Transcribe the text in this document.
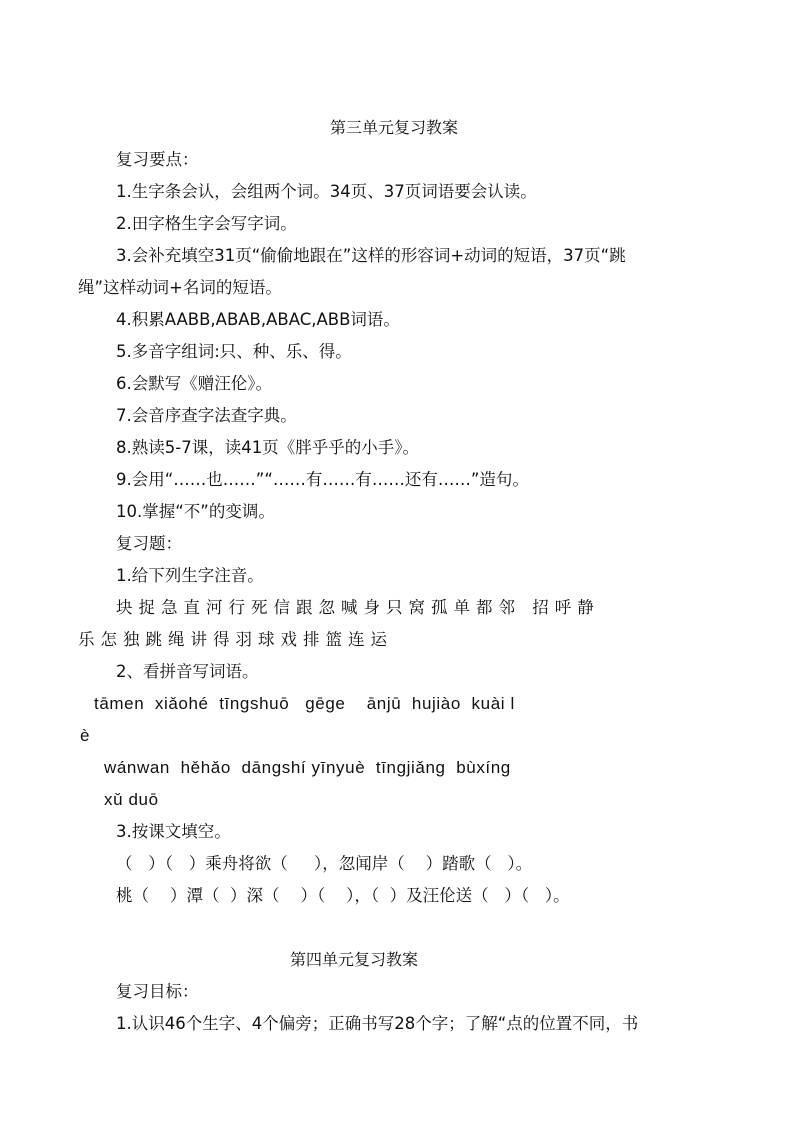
第三单元复习教案
复习要点：
1.生字条会认，会组两个词。34页、37页词语要会认读。
2.田字格生字会写字词。
3.会补充填空31页“偷偷地跟在”这样的形容词+动词的短语，37页“跳
绳”这样动词+名词的短语。
4.积累AABB,ABAB,ABAC,ABB词语。
5.多音字组词:只、种、乐、得。
6.会默写《赠汪伦》。
7.会音序查字法查字典。
8.熟读5-7课，读41页《胖乎乎的小手》。
9.会用“……也……”“……有……有……还有……”造句。
10.掌握“不”的变调。
复习题：
1.给下列生字注音。
块捉急直河行死信跟忽喊身只窝孤单都邻 招呼静
乐怎独跳绳讲得羽球戏排篮连运
2、看拼音写词语。
tāmen  xiǎohé  tīngshuō   gēge    ānjū  hujiào  kuài l
è
wánwan  hěhǎo  dāngshí yīnyuè  tīngjiǎng  bùxíng
xǔ duō
3.按课文填空。
（   ）（   ）乘舟将欲（     ），忽闻岸（    ）踏歌（   ）。
桃（    ）潭（  ）深（    ）（    ），（  ）及汪伦送（   ）（   ）。
第四单元复习教案
复习目标：
1.认识46个生字、4个偏旁；正确书写28个字；了解“点的位置不同，书
